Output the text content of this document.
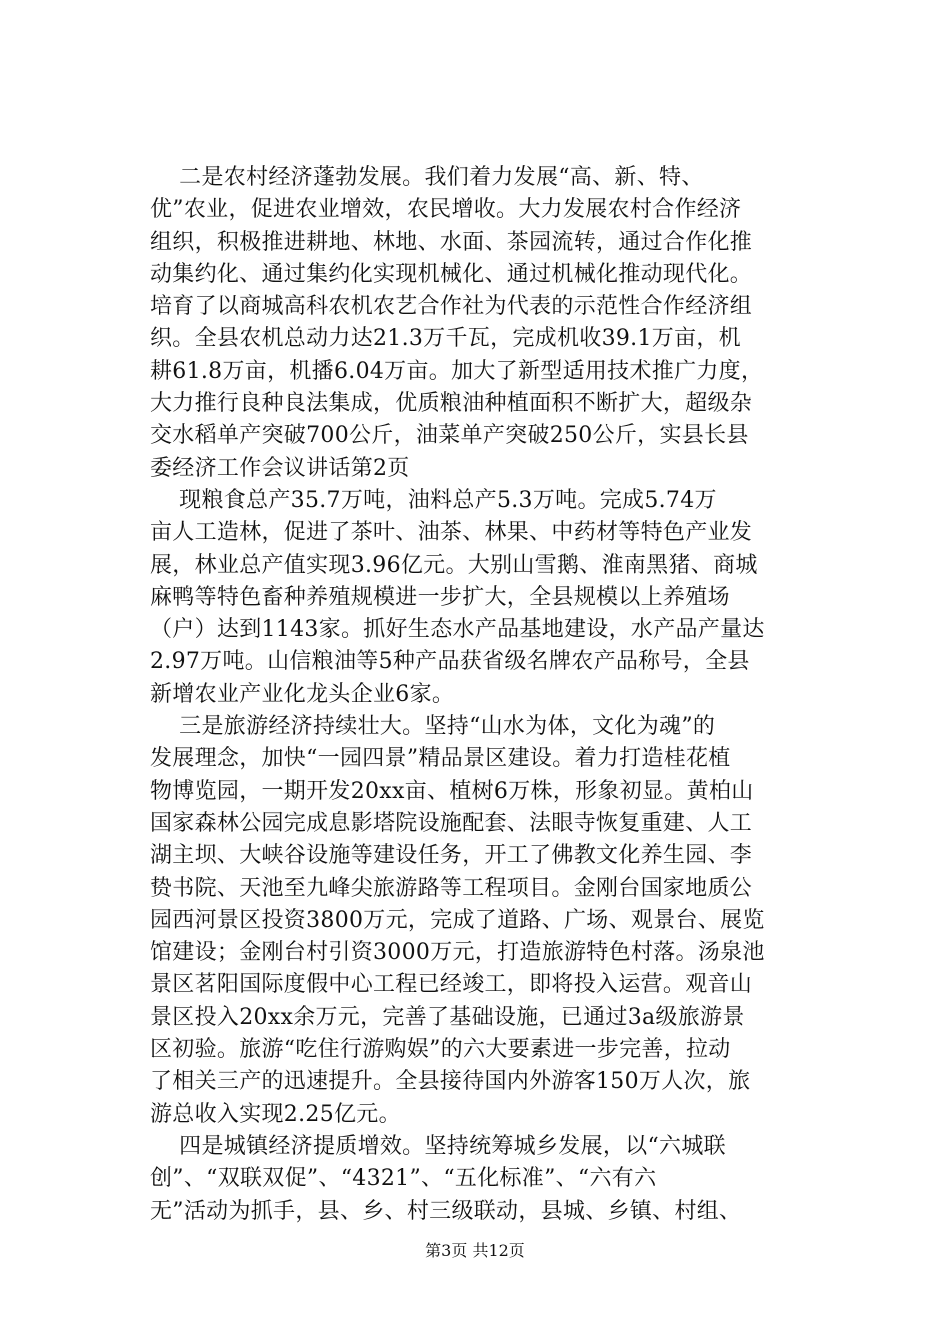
二是农村经济蓬勃发展。我们着力发展“高、新、特、
优”农业，促进农业增效，农民增收。大力发展农村合作经济
组织，积极推进耕地、林地、水面、茶园流转，通过合作化推
动集约化、通过集约化实现机械化、通过机械化推动现代化。
培育了以商城高科农机农艺合作社为代表的示范性合作经济组
织。全县农机总动力达21.3万千瓦，完成机收39.1万亩，机
耕61.8万亩，机播6.04万亩。加大了新型适用技术推广力度，
大力推行良种良法集成，优质粮油种植面积不断扩大，超级杂
交水稻单产突破700公斤，油菜单产突破250公斤，实县长县
委经济工作会议讲话第2页
现粮食总产35.7万吨，油料总产5.3万吨。完成5.74万
亩人工造林，促进了茶叶、油茶、林果、中药材等特色产业发
展，林业总产值实现3.96亿元。大别山雪鹅、淮南黑猪、商城
麻鸭等特色畜种养殖规模进一步扩大，全县规模以上养殖场
（户）达到1143家。抓好生态水产品基地建设，水产品产量达
2.97万吨。山信粮油等5种产品获省级名牌农产品称号，全县
新增农业产业化龙头企业6家。
三是旅游经济持续壮大。坚持“山水为体，文化为魂”的
发展理念，加快“一园四景”精品景区建设。着力打造桂花植
物博览园，一期开发20xx亩、植树6万株，形象初显。黄柏山
国家森林公园完成息影塔院设施配套、法眼寺恢复重建、人工
湖主坝、大峡谷设施等建设任务，开工了佛教文化养生园、李
贽书院、天池至九峰尖旅游路等工程项目。金刚台国家地质公
园西河景区投资3800万元，完成了道路、广场、观景台、展览
馆建设；金刚台村引资3000万元，打造旅游特色村落。汤泉池
景区茗阳国际度假中心工程已经竣工，即将投入运营。观音山
景区投入20xx余万元，完善了基础设施，已通过3a级旅游景
区初验。旅游“吃住行游购娱”的六大要素进一步完善，拉动
了相关三产的迅速提升。全县接待国内外游客150万人次，旅
游总收入实现2.25亿元。
四是城镇经济提质增效。坚持统筹城乡发展，以“六城联
创”、“双联双促”、“4321”、“五化标准”、“六有六
无”活动为抓手，县、乡、村三级联动，县城、乡镇、村组、
第3页 共12页
